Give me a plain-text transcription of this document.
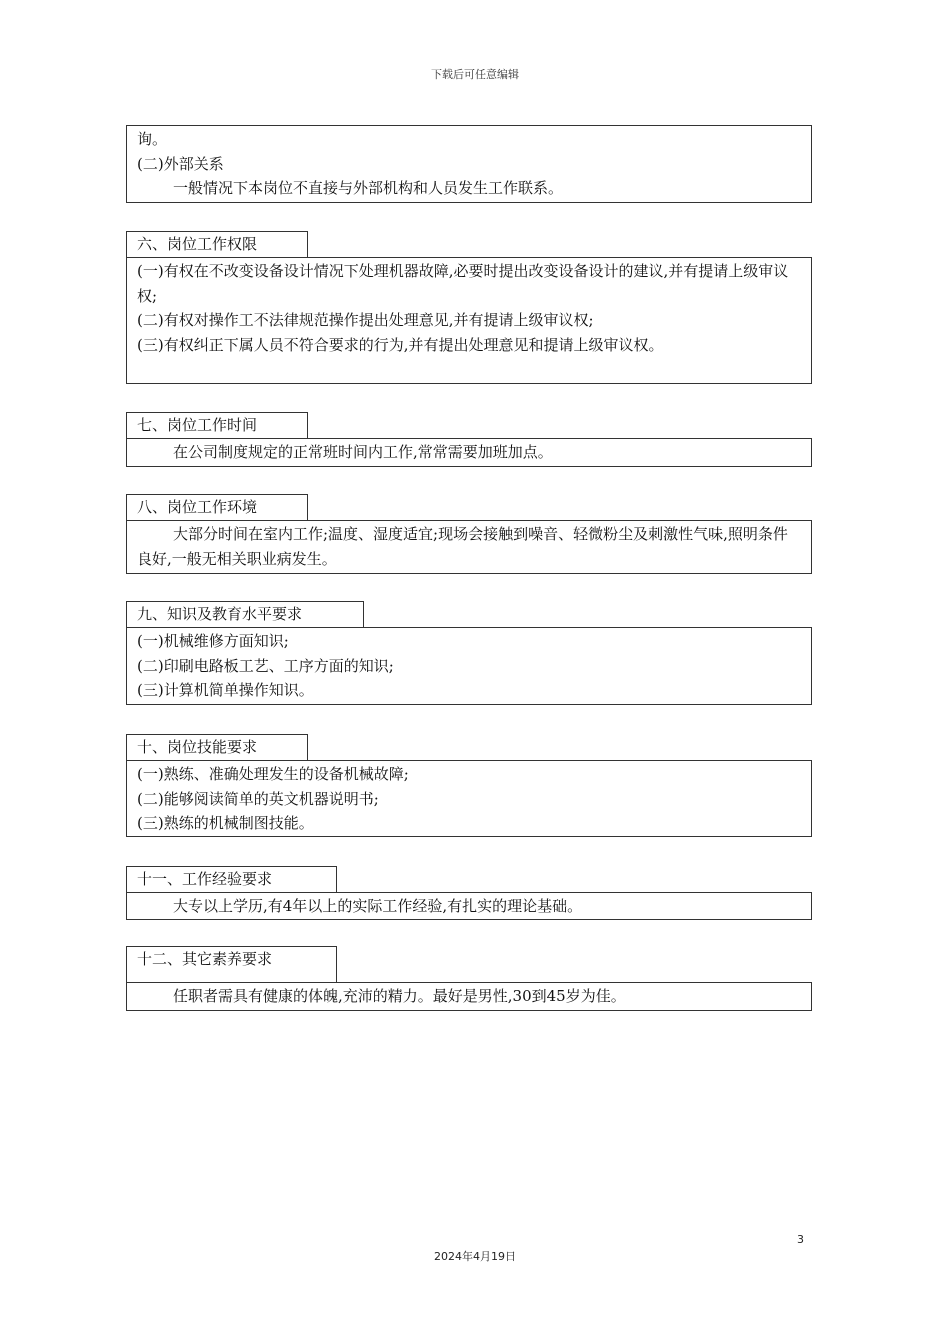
下载后可任意编辑

询。

(二)外部关系

一般情况下本岗位不直接与外部机构和人员发生工作联系。

六、岗位工作权限

(一)有权在不改变设备设计情况下处理机器故障,必要时提出改变设备设计的建议,并有提请上级审议权;

(二)有权对操作工不法律规范操作提出处理意见,并有提请上级审议权;

(三)有权纠正下属人员不符合要求的行为,并有提出处理意见和提请上级审议权。

七、岗位工作时间

在公司制度规定的正常班时间内工作,常常需要加班加点。

八、岗位工作环境

大部分时间在室内工作;温度、湿度适宜;现场会接触到噪音、轻微粉尘及刺激性气味,照明条件良好,一般无相关职业病发生。

九、知识及教育水平要求

(一)机械维修方面知识;

(二)印刷电路板工艺、工序方面的知识;

(三)计算机简单操作知识。

十、岗位技能要求

(一)熟练、准确处理发生的设备机械故障;

(二)能够阅读简单的英文机器说明书;

(三)熟练的机械制图技能。

十一、工作经验要求

大专以上学历,有4年以上的实际工作经验,有扎实的理论基础。

十二、其它素养要求

任职者需具有健康的体魄,充沛的精力。最好是男性,30到45岁为佳。

3
2024年4月19日
